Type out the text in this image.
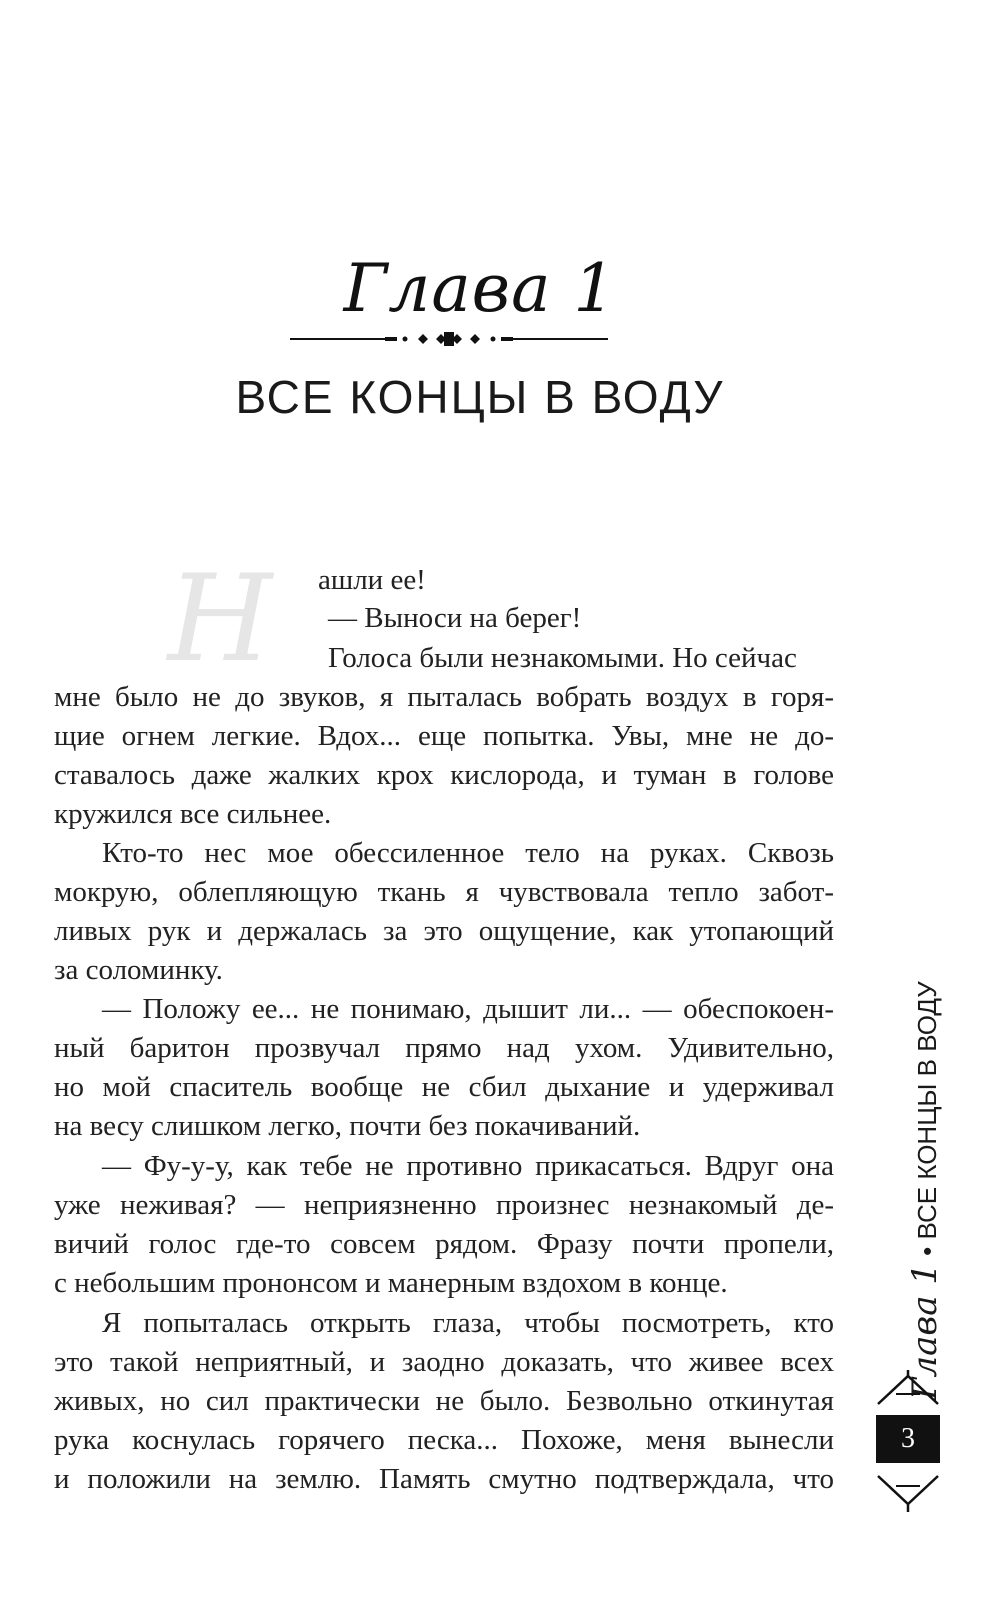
Глава 1
ВСЕ КОНЦЫ В ВОДУ
Н	ашли ее!
— Выноси на берег!
Голоса были незнакомыми. Но сейчас
мне было не до звуков, я пыталась вобрать воздух в горя-
щие огнем легкие. Вдох... еще попытка. Увы, мне не до-
ставалось даже жалких крох кислорода, и туман в голове
кружился все сильнее.
Кто-то нес мое обессиленное тело на руках. Сквозь
мокрую, облепляющую ткань я чувствовала тепло забот-
ливых рук и держалась за это ощущение, как утопающий
за соломинку.
— Положу ее... не понимаю, дышит ли... — обеспокоен-
ный баритон прозвучал прямо над ухом. Удивительно,
но мой спаситель вообще не сбил дыхание и удерживал
на весу слишком легко, почти без покачиваний.
— Фу-у-у, как тебе не противно прикасаться. Вдруг она
уже неживая? — неприязненно произнес незнакомый де-
вичий голос где-то совсем рядом. Фразу почти пропели,
с небольшим прононсом и манерным вздохом в конце.
Я попыталась открыть глаза, чтобы посмотреть, кто
это такой неприятный, и заодно доказать, что живее всех
живых, но сил практически не было. Безвольно откинутая
рука коснулась горячего песка... Похоже, меня вынесли
и положили на землю. Память смутно подтверждала, что
Глава 1 • ВСЕ КОНЦЫ В ВОДУ
3
